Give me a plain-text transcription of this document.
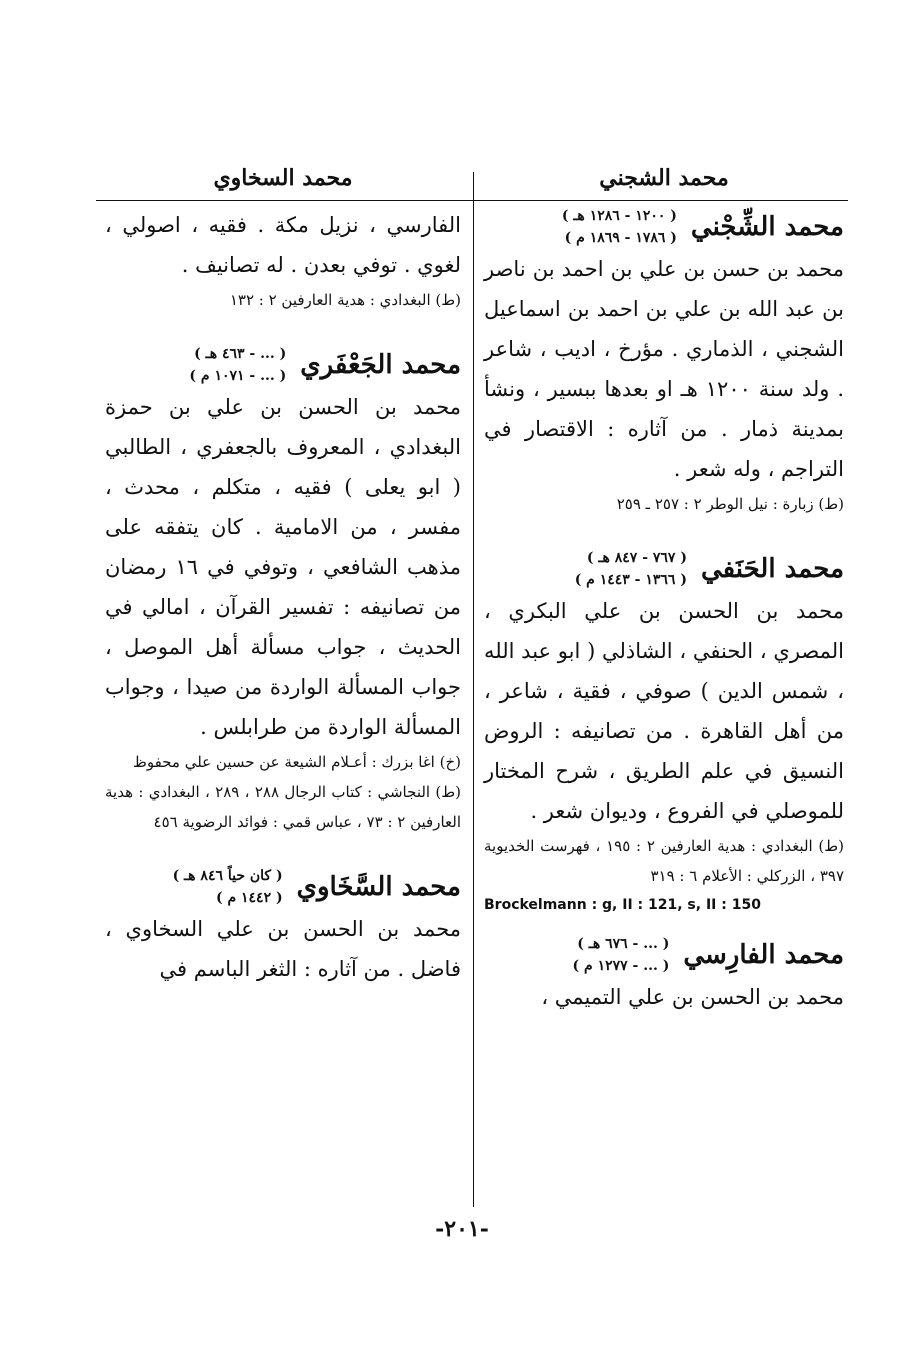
محمد الشجني
محمد السخاوي
محمد الشِّجْني
( ١٢٠٠ - ١٢٨٦ هـ )
( ١٧٨٦ - ١٨٦٩ م )
محمد بن حسن بن علي بن احمد بن ناصر بن عبد الله بن علي بن احمد بن اسماعيل الشجني ، الذماري . مؤرخ ، اديب ، شاعر . ولد سنة ١٢٠٠ هـ او بعدها ببسير ، ونشأ بمدينة ذمار . من آثاره : الاقتصار في التراجم ، وله شعر .
(ط) زبارة : نيل الوطر ٢ : ٢٥٧ ـ ٢٥٩
محمد الحَنَفي
( ٧٦٧ - ٨٤٧ هـ )
( ١٣٦٦ - ١٤٤٣ م )
محمد بن الحسن بن علي البكري ، المصري ، الحنفي ، الشاذلي ( ابو عبد الله ، شمس الدين ) صوفي ، فقية ، شاعر ، من أهل القاهرة . من تصانيفه : الروض النسيق في علم الطريق ، شرح المختار للموصلي في الفروع ، وديوان شعر .
(ط) البغدادي : هدية العارفين ٢ : ١٩٥ ، فهرست الخديوية ٣٩٧ ، الزركلي : الأعلام ٦ : ٣١٩
Brockelmann : g, II : 121, s, II : 150
محمد الفارِسي
( ... - ٦٧٦ هـ )
( ... - ١٢٧٧ م )
محمد بن الحسن بن علي التميمي ،
الفارسي ، نزيل مكة . فقيه ، اصولي ، لغوي . توفي بعدن . له تصانيف .
(ط) البغدادي : هدية العارفين ٢ : ١٣٢
محمد الجَعْفَري
( ... - ٤٦٣ هـ )
( ... - ١٠٧١ م )
محمد بن الحسن بن علي بن حمزة البغدادي ، المعروف بالجعفري ، الطالبي ( ابو يعلى ) فقيه ، متكلم ، محدث ، مفسر ، من الامامية . كان يتفقه على مذهب الشافعي ، وتوفي في ١٦ رمضان من تصانيفه : تفسير القرآن ، امالي في الحديث ، جواب مسألة أهل الموصل ، جواب المسألة الواردة من صيدا ، وجواب المسألة الواردة من طرابلس .
(خ) اغا بزرك : أعـلام الشيعة عن حسين علي محفوظ
(ط) النجاشي : كتاب الرجال ٢٨٨ ، ٢٨٩ ، البغدادي : هدية العارفين ٢ : ٧٣ ، عباس قمي : فوائد الرضوية ٤٥٦
محمد السَّخَاوي
( كان حياً ٨٤٦ هـ )
( ١٤٤٢ م )
محمد بن الحسن بن علي السخاوي ، فاضل . من آثاره : الثغر الباسم في
-٢٠١-
